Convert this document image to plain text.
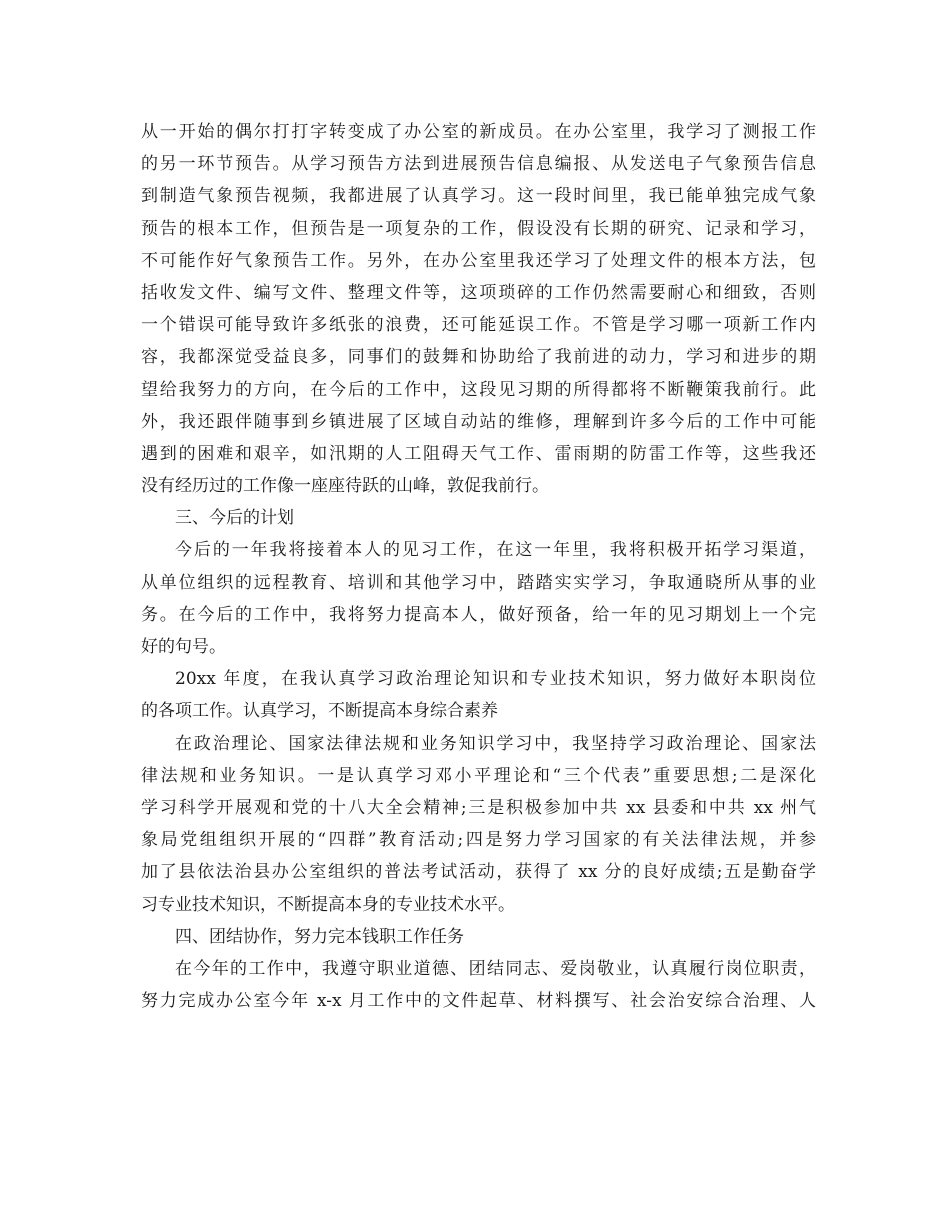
从一开始的偶尔打打字转变成了办公室的新成员。在办公室里，我学习了测报工作
的另一环节预告。从学习预告方法到进展预告信息编报、从发送电子气象预告信息
到制造气象预告视频，我都进展了认真学习。这一段时间里，我已能单独完成气象
预告的根本工作，但预告是一项复杂的工作，假设没有长期的研究、记录和学习，
不可能作好气象预告工作。另外，在办公室里我还学习了处理文件的根本方法，包
括收发文件、编写文件、整理文件等，这项琐碎的工作仍然需要耐心和细致，否则
一个错误可能导致许多纸张的浪费，还可能延误工作。不管是学习哪一项新工作内
容，我都深觉受益良多，同事们的鼓舞和协助给了我前进的动力，学习和进步的期
望给我努力的方向，在今后的工作中，这段见习期的所得都将不断鞭策我前行。此
外，我还跟伴随事到乡镇进展了区域自动站的维修，理解到许多今后的工作中可能
遇到的困难和艰辛，如汛期的人工阻碍天气工作、雷雨期的防雷工作等，这些我还
没有经历过的工作像一座座待跃的山峰，敦促我前行。
三、今后的计划
今后的一年我将接着本人的见习工作，在这一年里，我将积极开拓学习渠道，
从单位组织的远程教育、培训和其他学习中，踏踏实实学习，争取通晓所从事的业
务。在今后的工作中，我将努力提高本人，做好预备，给一年的见习期划上一个完
好的句号。
20xx 年度，在我认真学习政治理论知识和专业技术知识，努力做好本职岗位
的各项工作。认真学习，不断提高本身综合素养
在政治理论、国家法律法规和业务知识学习中，我坚持学习政治理论、国家法
律法规和业务知识。一是认真学习邓小平理论和“三个代表”重要思想;二是深化
学习科学开展观和党的十八大全会精神;三是积极参加中共 xx 县委和中共 xx 州气
象局党组组织开展的“四群”教育活动;四是努力学习国家的有关法律法规，并参
加了县依法治县办公室组织的普法考试活动，获得了 xx 分的良好成绩;五是勤奋学
习专业技术知识，不断提高本身的专业技术水平。
四、团结协作，努力完本钱职工作任务
在今年的工作中，我遵守职业道德、团结同志、爱岗敬业，认真履行岗位职责，
努力完成办公室今年 x-x 月工作中的文件起草、材料撰写、社会治安综合治理、人
